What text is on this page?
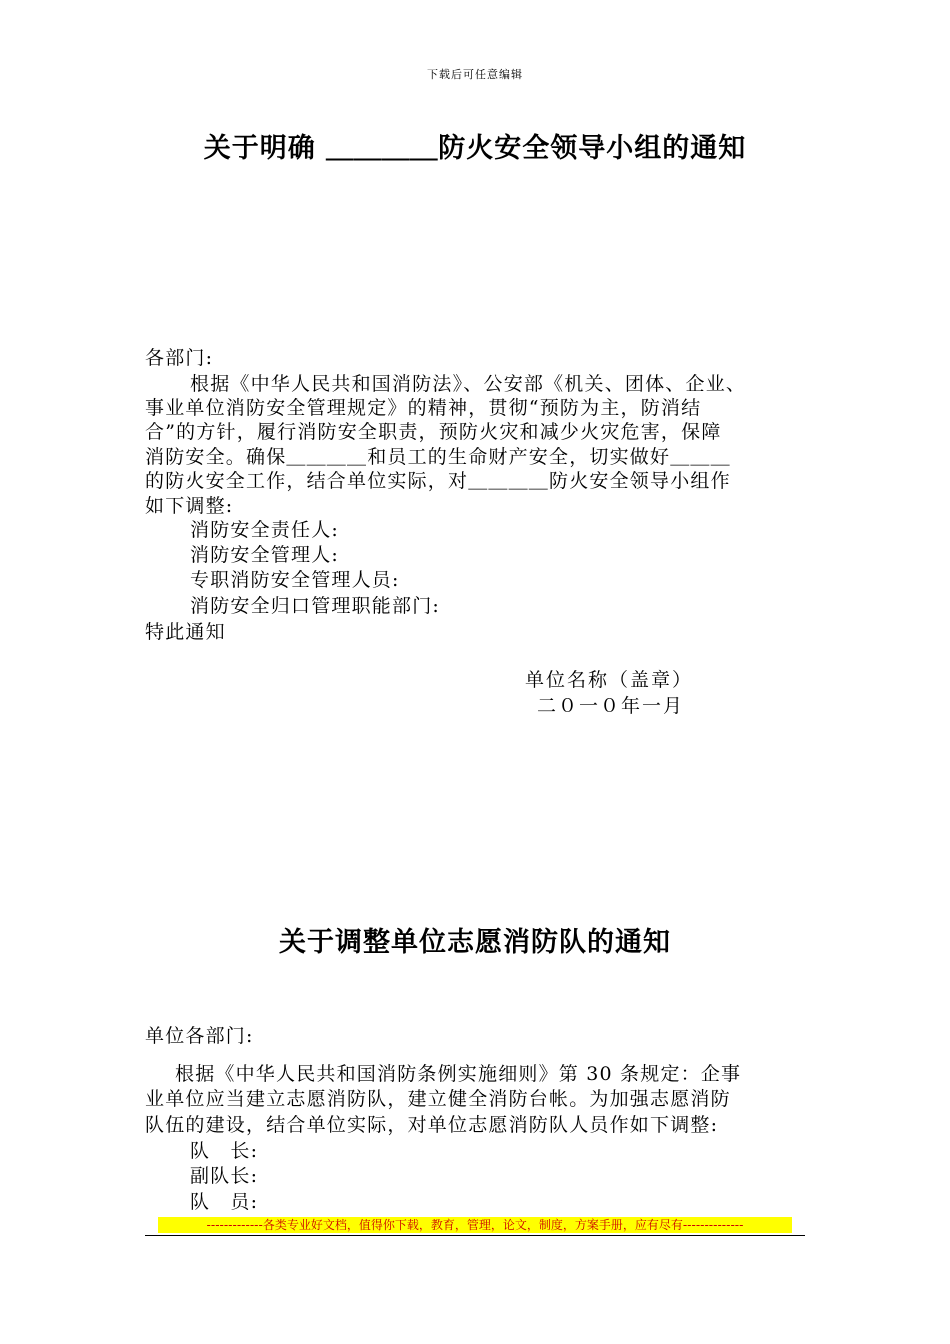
下载后可任意编辑
关于明确 ＿＿＿＿防火安全领导小组的通知
各部门:
根据《中华人民共和国消防法》、公安部《机关、团体、企业、
事业单位消防安全管理规定》的精神，贯彻“预防为主，防消结
合”的方针，履行消防安全职责，预防火灾和减少火灾危害，保障
消防安全。确保＿＿＿＿和员工的生命财产安全，切实做好＿＿＿
的防火安全工作，结合单位实际，对＿＿＿＿防火安全领导小组作
如下调整:
消防安全责任人:
消防安全管理人:
专职消防安全管理人员:
消防安全归口管理职能部门:
特此通知
单位名称（盖章）
二０一０年一月
关于调整单位志愿消防队的通知
单位各部门:
根据《中华人民共和国消防条例实施细则》第 30 条规定：企事
业单位应当建立志愿消防队，建立健全消防台帐。为加强志愿消防
队伍的建设，结合单位实际，对单位志愿消防队人员作如下调整:
队　长:
副队长:
队　员:
-------------各类专业好文档，值得你下载，教育，管理，论文，制度，方案手册，应有尽有--------------
